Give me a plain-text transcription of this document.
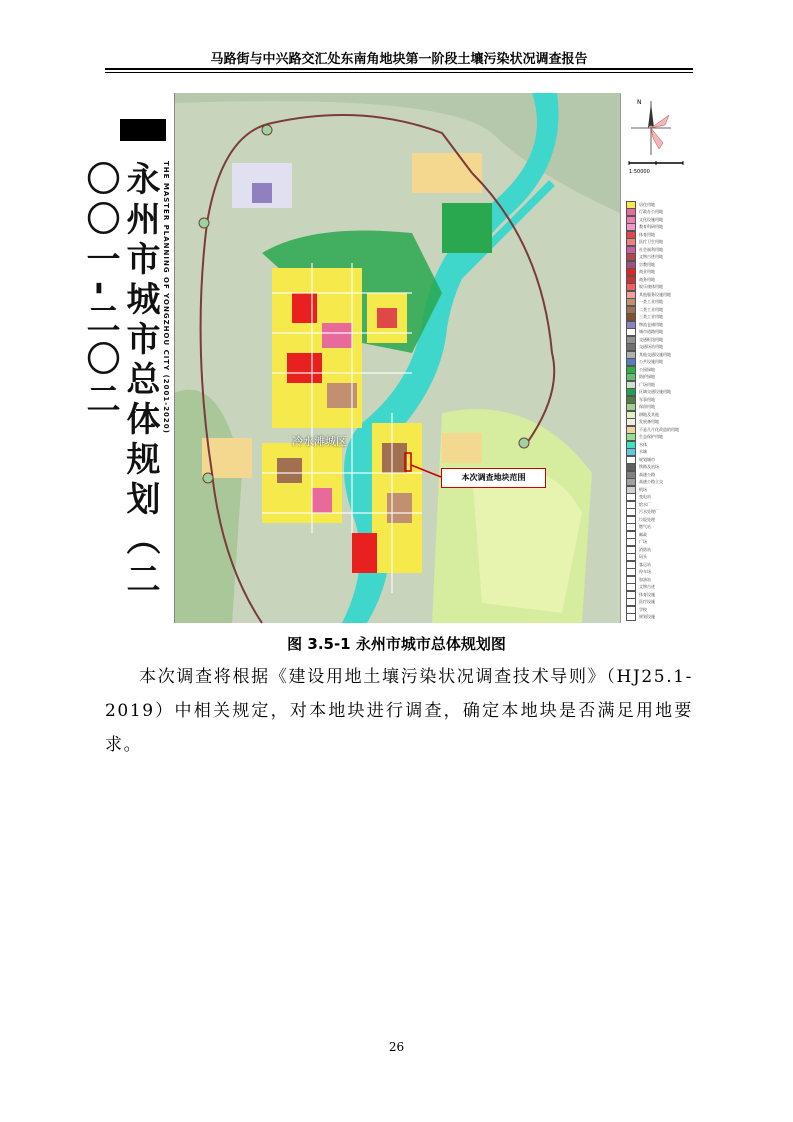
马路街与中兴路交汇处东南角地块第一阶段土壤污染状况调查报告
永州市城市总体规划（二〇〇一-二〇二	THE MASTER PLANNING OF YONGZHOU CITY (2001-2020)
冷水滩城区
本次调查地块范围
N
1:50000
居住用地
行政办公用地
文化设施用地
教育科研用地
体育用地
医疗卫生用地
社会福利用地
文物古迹用地
宗教用地
商业用地
商务用地
娱乐康体用地
其他服务设施用地
一类工业用地
二类工业用地
三类工业用地
物流仓储用地
城市道路用地
交通枢纽用地
交通场站用地
其他交通设施用地
公共设施用地
公园绿地
防护绿地
广场用地
区域交通设施用地
军事用地
保留用地
耕地及其他
发展备用地
不是几片化改造的用地
生态保护用地
水体
水域
规划城市
铁路及站场
高速公路
高速公路立交
机场
变电站
给水厂
污水处理厂
垃圾处理
燃气站
邮政
广场
消防站
码头
客运站
停车场
加油站
文物古迹
体育设施
医疗设施
学校
规划设施
图 3.5-1 永州市城市总体规划图

本次调查将根据《建设用地土壤污染状况调查技术导则》（HJ25.1-2019）中相关规定，对本地块进行调查，确定本地块是否满足用地要求。

26
